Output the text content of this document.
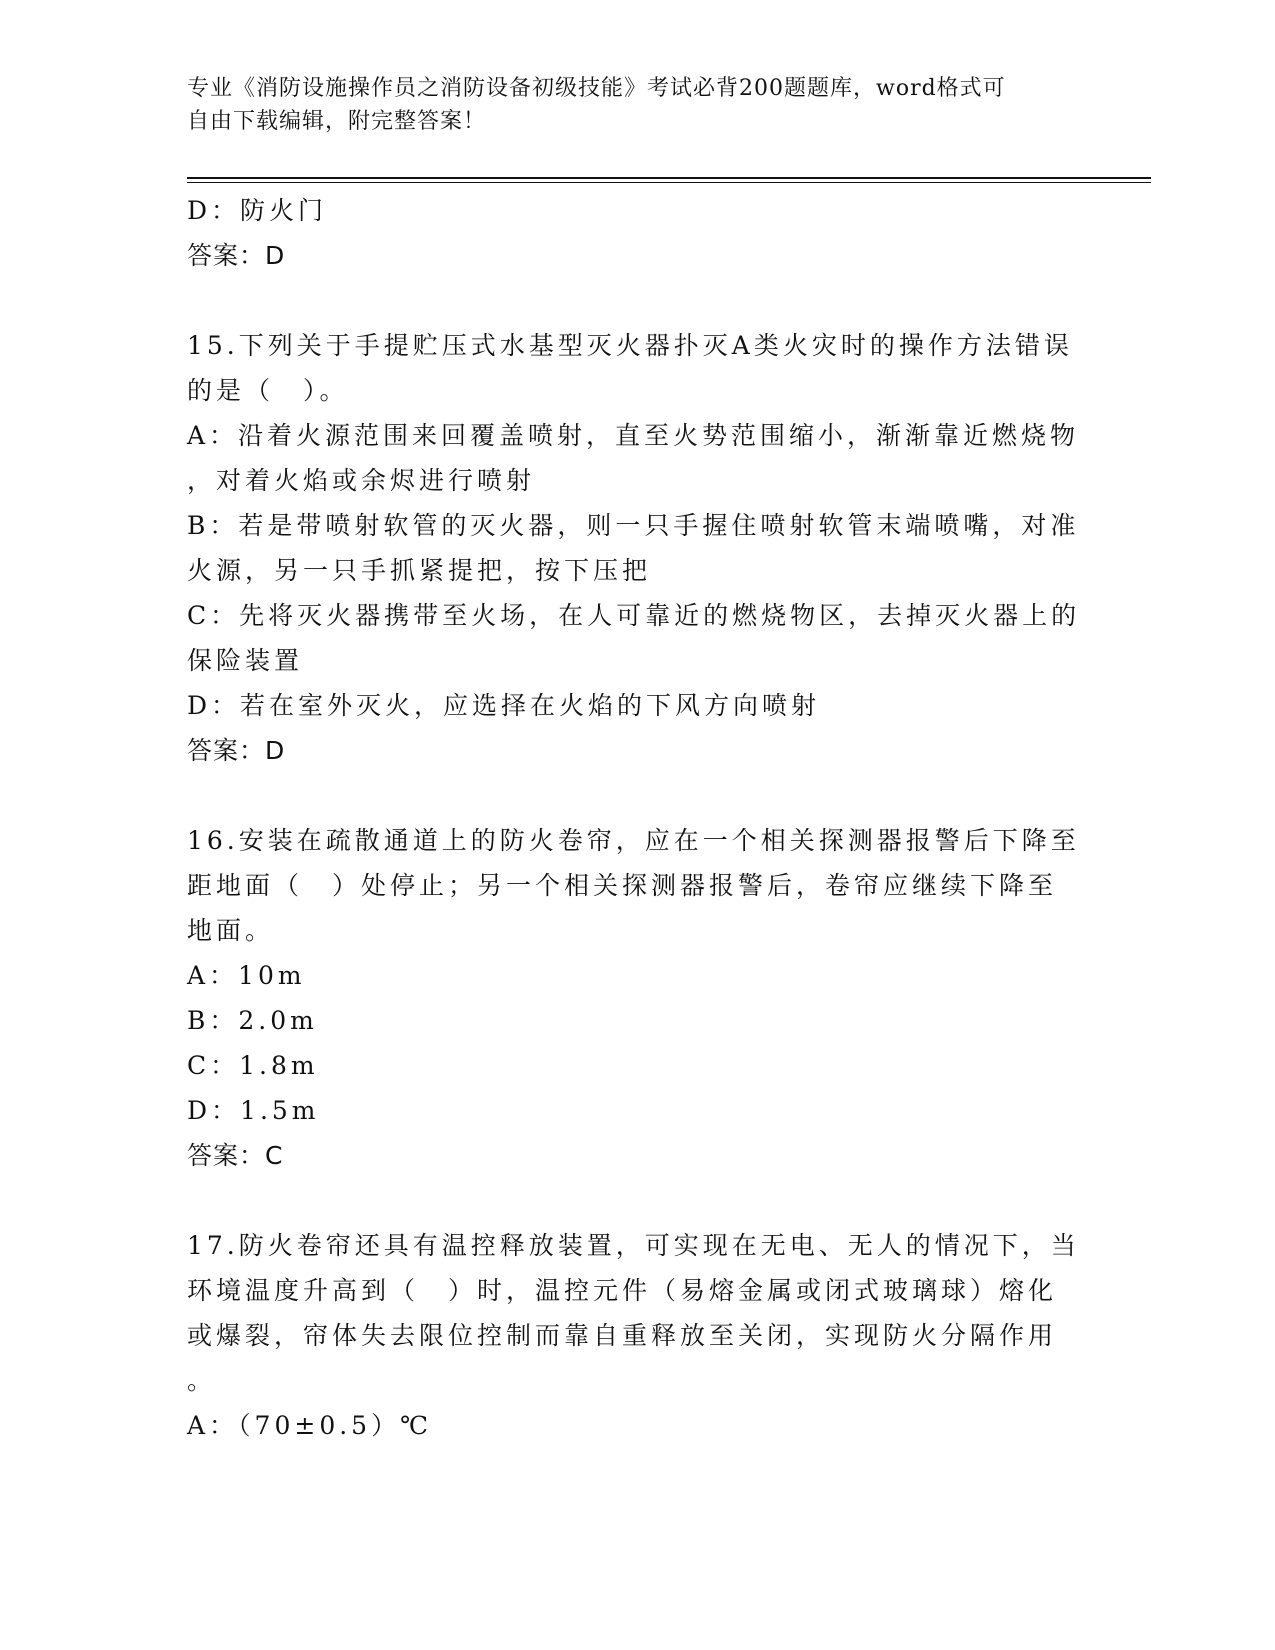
专业《消防设施操作员之消防设备初级技能》考试必背200题题库，word格式可
自由下载编辑，附完整答案！
D：防火门
答案：D
15.下列关于手提贮压式水基型灭火器扑灭A类火灾时的操作方法错误
的是（　）。
A：沿着火源范围来回覆盖喷射，直至火势范围缩小，渐渐靠近燃烧物
，对着火焰或余烬进行喷射
B：若是带喷射软管的灭火器，则一只手握住喷射软管末端喷嘴，对准
火源，另一只手抓紧提把，按下压把
C：先将灭火器携带至火场，在人可靠近的燃烧物区，去掉灭火器上的
保险装置
D：若在室外灭火，应选择在火焰的下风方向喷射
答案：D
16.安装在疏散通道上的防火卷帘，应在一个相关探测器报警后下降至
距地面（　）处停止；另一个相关探测器报警后，卷帘应继续下降至
地面。
A：10m
B：2.0m
C：1.8m
D：1.5m
答案：C
17.防火卷帘还具有温控释放装置，可实现在无电、无人的情况下，当
环境温度升高到（　）时，温控元件（易熔金属或闭式玻璃球）熔化
或爆裂，帘体失去限位控制而靠自重释放至关闭，实现防火分隔作用
。
A：（70±0.5）℃
